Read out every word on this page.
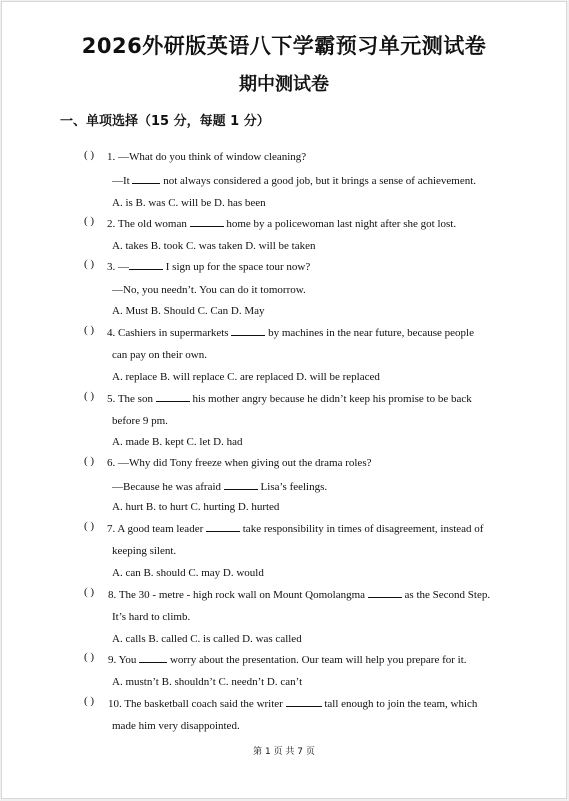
2026外研版英语八下学霸预习单元测试卷
期中测试卷
一、单项选择（15 分，每题 1 分）
( ) 1. —What do you think of window cleaning?
—It	not always considered a good job, but it brings a sense of achievement.
A. is B. was C. will be D. has been
( ) 2. The old woman	home by a policewoman last night after she got lost.
A. takes B. took C. was taken D. will be taken
( ) 3. —	I sign up for the space tour now?
—No, you needn’t. You can do it tomorrow.
A. Must B. Should C. Can D. May
( ) 4. Cashiers in supermarkets	by machines in the near future, because people
can pay on their own.
A. replace B. will replace C. are replaced D. will be replaced
( ) 5. The son	his mother angry because he didn’t keep his promise to be back
before 9 pm.
A. made B. kept C. let D. had
( ) 6. —Why did Tony freeze when giving out the drama roles?
—Because he was afraid	Lisa’s feelings.
A. hurt B. to hurt C. hurting D. hurted
( ) 7. A good team leader	take responsibility in times of disagreement, instead of
keeping silent.
A. can B. should C. may D. would
( ) 8. The 30 - metre - high rock wall on Mount Qomolangma	as the Second Step.
It’s hard to climb.
A. calls B. called C. is called D. was called
( ) 9. You	worry about the presentation. Our team will help you prepare for it.
A. mustn’t B. shouldn’t C. needn’t D. can’t
( ) 10. The basketball coach said the writer	tall enough to join the team, which
made him very disappointed.
第 1 页 共 7 页
